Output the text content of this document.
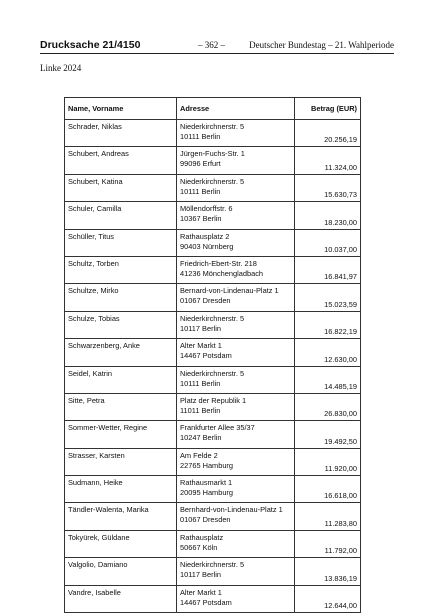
Drucksache 21/4150	– 362 –	Deutscher Bundestag – 21. Wahlperiode
Linke 2024
Name, Vorname	Adresse	Betrag (EUR)

Schrader, Niklas	Niederkirchnerstr. 5
10111 Berlin	20.256,19

Schubert, Andreas	Jürgen-Fuchs-Str. 1
99096 Erfurt	11.324,00

Schubert, Katina	Niederkirchnerstr. 5
10111 Berlin	15.630,73

Schuler, Camilla	Möllendorffstr. 6
10367 Berlin	18.230,00

Schüller, Titus	Rathausplatz 2
90403 Nürnberg	10.037,00

Schultz, Torben	Friedrich-Ebert-Str. 218
41236 Mönchengladbach	16.841,97

Schultze, Mirko	Bernard-von-Lindenau-Platz 1
01067 Dresden	15.023,59

Schulze, Tobias	Niederkirchnerstr. 5
10117 Berlin	16.822,19

Schwarzenberg, Anke	Alter Markt 1
14467 Potsdam	12.630,00

Seidel, Katrin	Niederkirchnerstr. 5
10111 Berlin	14.485,19

Sitte, Petra	Platz der Republik 1
11011 Berlin	26.830,00

Sommer-Wetter, Regine	Frankfurter Allee 35/37
10247 Berlin	19.492,50

Strasser, Karsten	Am Felde 2
22765 Hamburg	11.920,00

Sudmann, Heike	Rathausmarkt 1
20095 Hamburg	16.618,00

Tändler-Walenta, Marika	Bernhard-von-Lindenau-Platz 1
01067 Dresden	11.283,80

Tokyürek, Güldane	Rathausplatz
50667 Köln	11.792,00

Valgolio, Damiano	Niederkirchnerstr. 5
10117 Berlin	13.836,19

Vandre, Isabelle	Alter Markt 1
14467 Potsdam	12.644,00
